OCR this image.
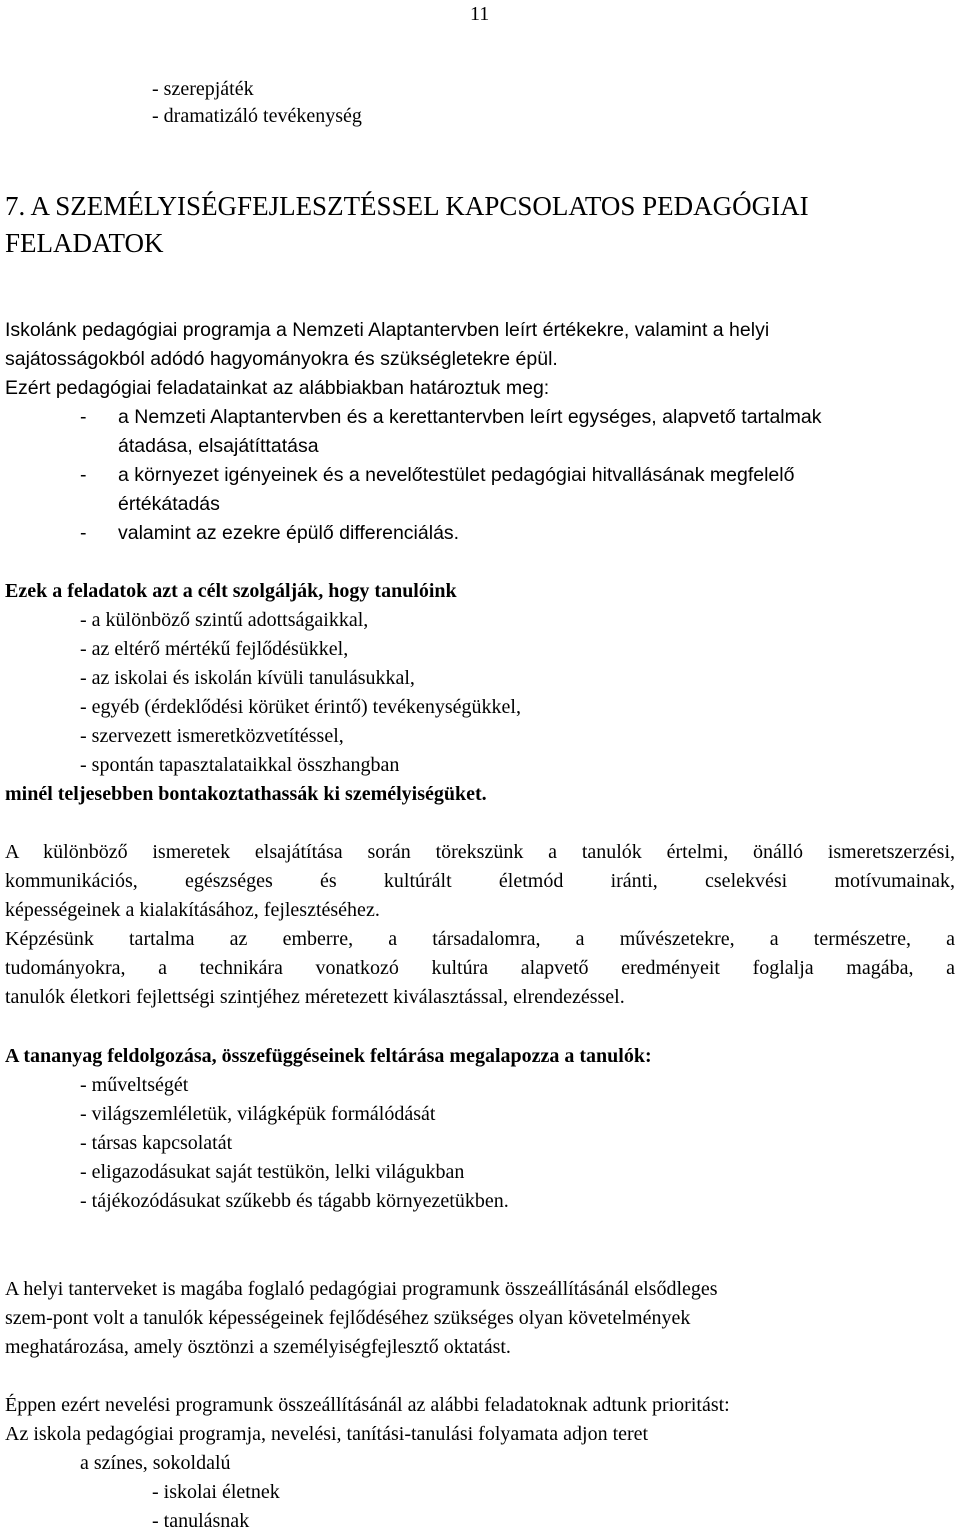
11
- szerepjáték
- dramatizáló tevékenység
7. A SZEMÉLYISÉGFEJLESZTÉSSEL KAPCSOLATOS PEDAGÓGIAI
FELADATOK
Iskolánk pedagógiai programja a Nemzeti Alaptantervben leírt értékekre, valamint a helyi
sajátosságokból adódó hagyományokra és szükségletekre épül.
Ezért pedagógiai feladatainkat az alábbiakban határoztuk meg:
- a Nemzeti Alaptantervben és a kerettantervben leírt egységes, alapvető tartalmak
átadása, elsajátíttatása
- a környezet igényeinek és a nevelőtestület pedagógiai hitvallásának megfelelő
értékátadás
- valamint az ezekre épülő differenciálás.
Ezek a feladatok azt a célt szolgálják, hogy tanulóink
- a különböző szintű adottságaikkal,
- az eltérő mértékű fejlődésükkel,
- az iskolai és iskolán kívüli tanulásukkal,
- egyéb (érdeklődési körüket érintő) tevékenységükkel,
- szervezett ismeretközvetítéssel,
- spontán tapasztalataikkal összhangban
minél teljesebben bontakoztathassák ki személyiségüket.
A különböző ismeretek elsajátítása során törekszünk a tanulók értelmi, önálló ismeretszerzési,
kommunikációs, egészséges és kultúrált életmód iránti, cselekvési motívumainak,
képességeinek a kialakításához, fejlesztéséhez.
Képzésünk tartalma az emberre, a társadalomra, a művészetekre, a természetre, a
tudományokra, a technikára vonatkozó kultúra alapvető eredményeit foglalja magába, a
tanulók életkori fejlettségi szintjéhez méretezett kiválasztással, elrendezéssel.
A tananyag feldolgozása, összefüggéseinek feltárása megalapozza a tanulók:
- műveltségét
- világszemléletük, világképük formálódását
- társas kapcsolatát
- eligazodásukat saját testükön, lelki világukban
- tájékozódásukat szűkebb és tágabb környezetükben.
A helyi tanterveket is magába foglaló pedagógiai programunk összeállításánál elsődleges
szem-pont volt a tanulók képességeinek fejlődéséhez szükséges olyan követelmények
meghatározása, amely ösztönzi a személyiségfejlesztő oktatást.
Éppen ezért nevelési programunk összeállításánál az alábbi feladatoknak adtunk prioritást:
Az iskola pedagógiai programja, nevelési, tanítási-tanulási folyamata adjon teret
a színes, sokoldalú
- iskolai életnek
- tanulásnak
